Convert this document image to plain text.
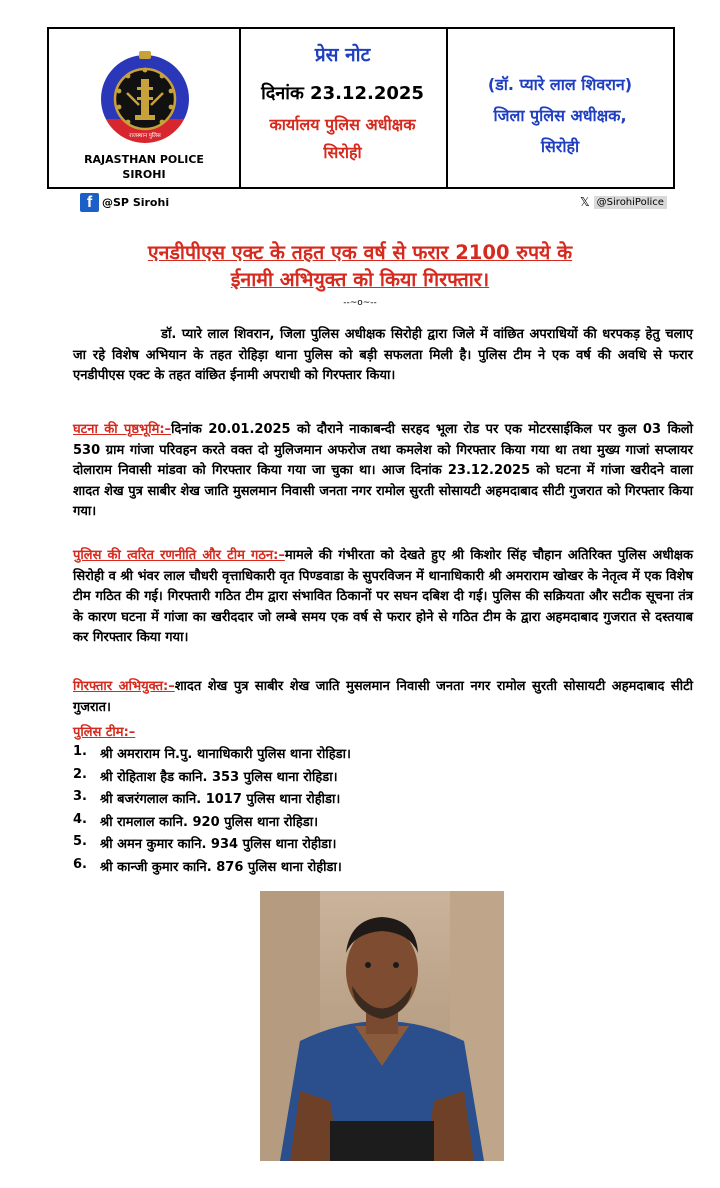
राजस्थान पुलिस
RAJASTHAN POLICE
SIROHI
प्रेस नोट
दिनांक 23.12.2025
कार्यालय पुलिस अधीक्षक
सिरोही
(डॉ. प्यारे लाल शिवरान)
जिला पुलिस अधीक्षक,
सिरोही
f @SP Sirohi	𝕏 @SirohiPolice
एनडीपीएस एक्ट के तहत एक वर्ष से फरार 2100 रुपये के
ईनामी अभियुक्त को किया गिरफ्तार।
--~o~--
डॉ. प्यारे लाल शिवरान, जिला पुलिस अधीक्षक सिरोही द्वारा जिले में वांछित अपराधियों की धरपकड़ हेतु चलाए जा रहे विशेष अभियान के तहत रोहिड़ा थाना पुलिस को बड़ी सफलता मिली है। पुलिस टीम ने एक वर्ष की अवधि से फरार एनडीपीएस एक्ट के तहत वांछित ईनामी अपराधी को गिरफ्तार किया।
घटना की पृष्ठभूमि:–दिनांक 20.01.2025 को दौराने नाकाबन्दी सरहद भूला रोड पर एक मोटरसाईकिल पर कुल 03 किलो 530 ग्राम गांजा परिवहन करते वक्त दो मुलिजमान अफरोज तथा कमलेश को गिरफ्तार किया गया था तथा मुख्य गाजां सप्लायर दोलाराम निवासी मांडवा को गिरफ्तार किया गया जा चुका था। आज दिनांक 23.12.2025 को घटना में गांजा खरीदने वाला शादत शेख पुत्र साबीर शेख जाति मुसलमान निवासी जनता नगर रामोल सुरती सोसायटी अहमदाबाद सीटी गुजरात को गिरफ्तार किया गया।
पुलिस की त्वरित रणनीति और टीम गठन:–मामले की गंभीरता को देखते हुए श्री किशोर सिंह चौहान अतिरिक्त पुलिस अधीक्षक सिरोही व श्री भंवर लाल चौधरी वृत्ताधिकारी वृत पिण्डवाडा के सुपरविजन में थानाधिकारी श्री अमराराम खोखर के नेतृत्व में एक विशेष टीम गठित की गई। गिरफ्तारी गठित टीम द्वारा संभावित ठिकानों पर सघन दबिश दी गई। पुलिस की सक्रियता और सटीक सूचना तंत्र के कारण घटना में गांजा का खरीददार जो लम्बे समय एक वर्ष से फरार होने से गठित टीम के द्वारा अहमदाबाद गुजरात से दस्तयाब कर गिरफ्तार किया गया।
गिरफ्तार अभियुक्त:–शादत शेख पुत्र साबीर शेख जाति मुसलमान निवासी जनता नगर रामोल सुरती सोसायटी अहमदाबाद सीटी गुजरात।
पुलिस टीम:–
1.	श्री अमराराम नि.पु. थानाधिकारी पुलिस थाना रोहिडा।
2.	श्री रोहिताश हैड कानि. 353 पुलिस थाना रोहिडा।
3.	श्री बजरंगलाल कानि. 1017 पुलिस थाना रोहीडा।
4.	श्री रामलाल कानि. 920 पुलिस थाना रोहिडा।
5.	श्री अमन कुमार कानि. 934 पुलिस थाना रोहीडा।
6.	श्री कान्जी कुमार कानि. 876 पुलिस थाना रोहीडा।
